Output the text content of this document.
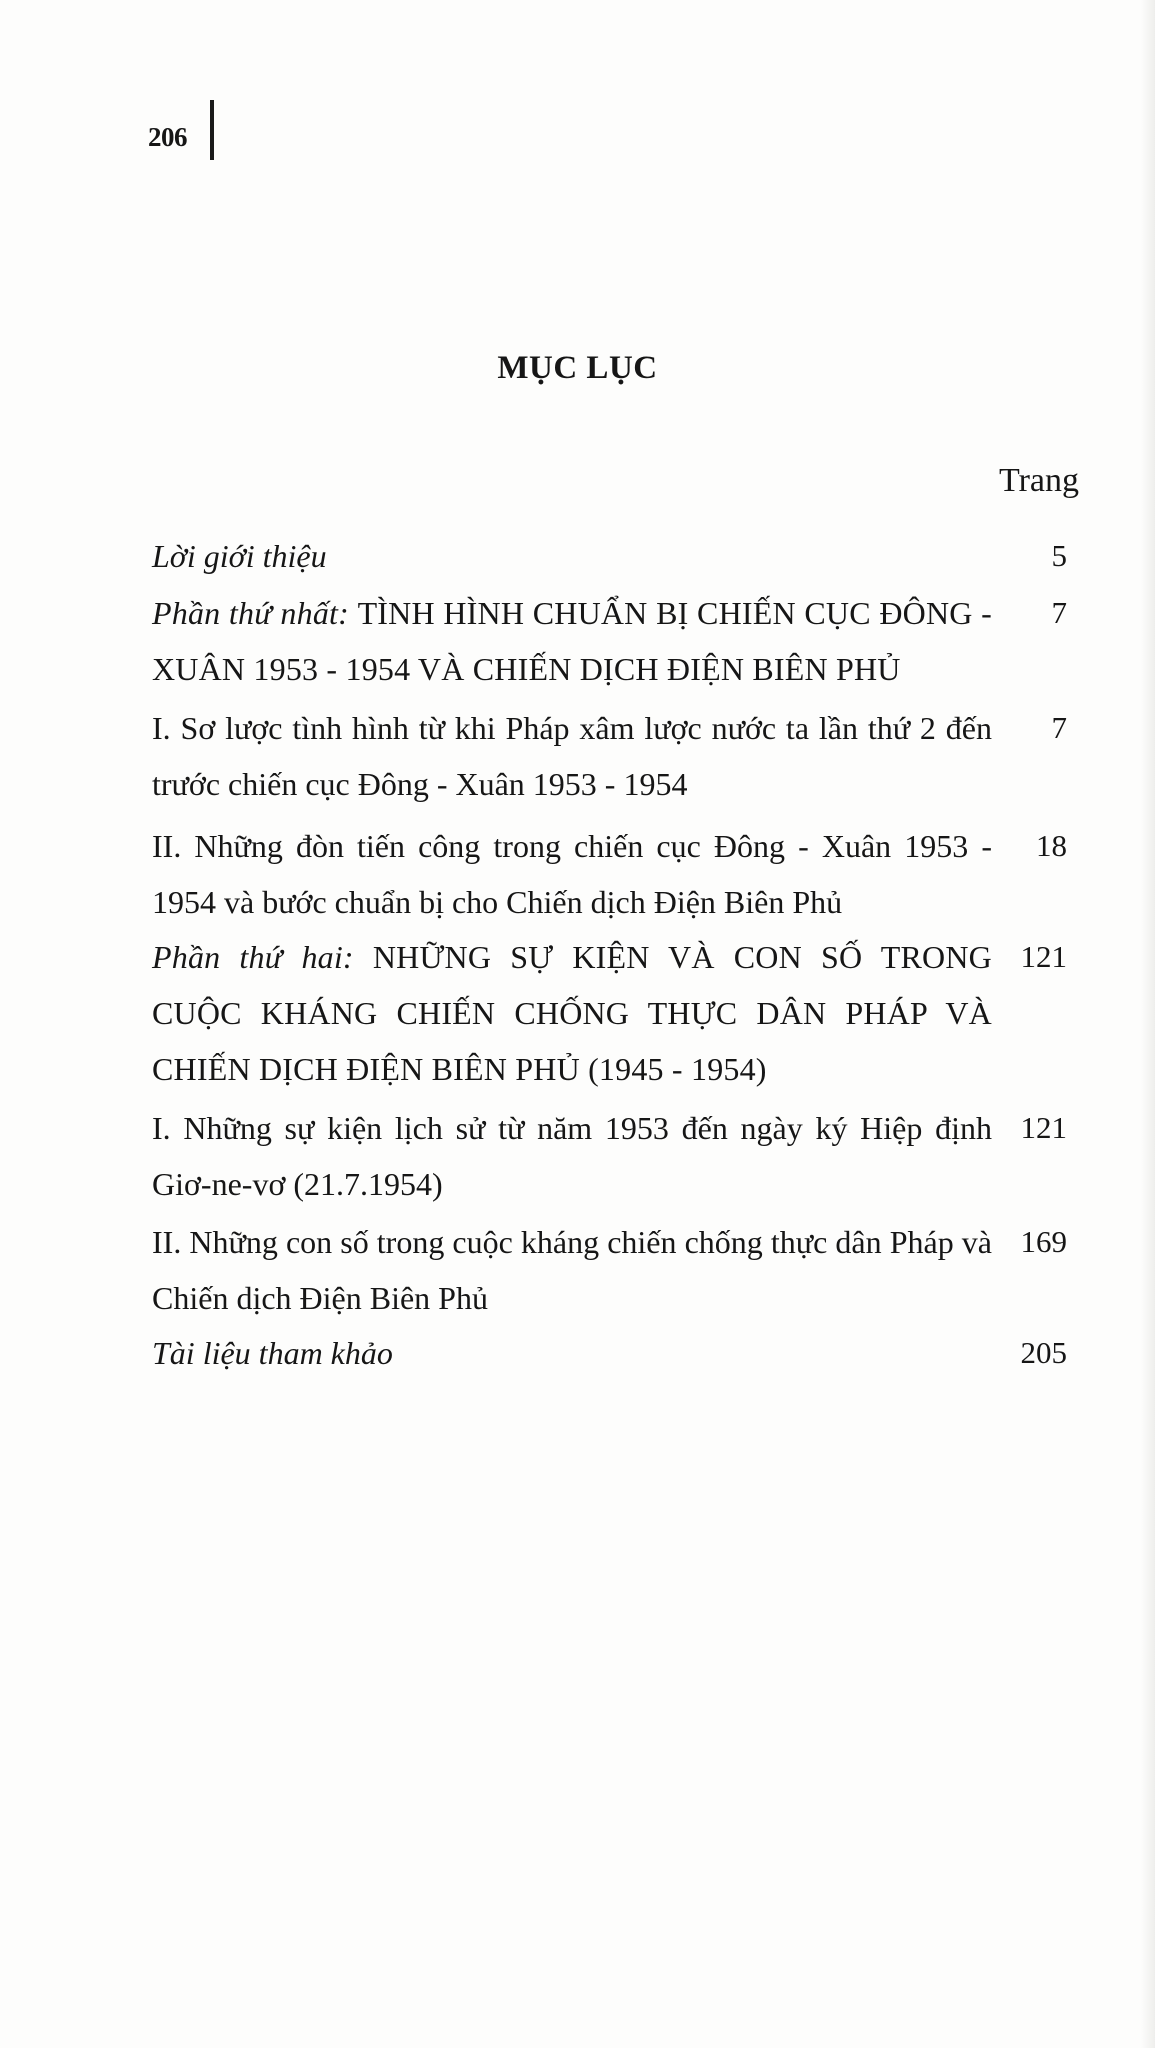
206
MỤC LỤC
Trang
Lời giới thiệu	5
Phần thứ nhất: TÌNH HÌNH CHUẨN BỊ CHIẾN CỤC ĐÔNG - XUÂN 1953 - 1954 VÀ CHIẾN DỊCH ĐIỆN BIÊN PHỦ
7
I. Sơ lược tình hình từ khi Pháp xâm lược nước ta lần thứ 2 đến trước chiến cục Đông - Xuân 1953 - 1954
7
II. Những đòn tiến công trong chiến cục Đông - Xuân 1953 - 1954 và bước chuẩn bị cho Chiến dịch Điện Biên Phủ
18
Phần thứ hai: NHỮNG SỰ KIỆN VÀ CON SỐ TRONG CUỘC KHÁNG CHIẾN CHỐNG THỰC DÂN PHÁP VÀ CHIẾN DỊCH ĐIỆN BIÊN PHỦ (1945 - 1954)
121
I. Những sự kiện lịch sử từ năm 1953 đến ngày ký Hiệp định Giơ-ne-vơ (21.7.1954)
121
II. Những con số trong cuộc kháng chiến chống thực dân Pháp và Chiến dịch Điện Biên Phủ
169
Tài liệu tham khảo	205
